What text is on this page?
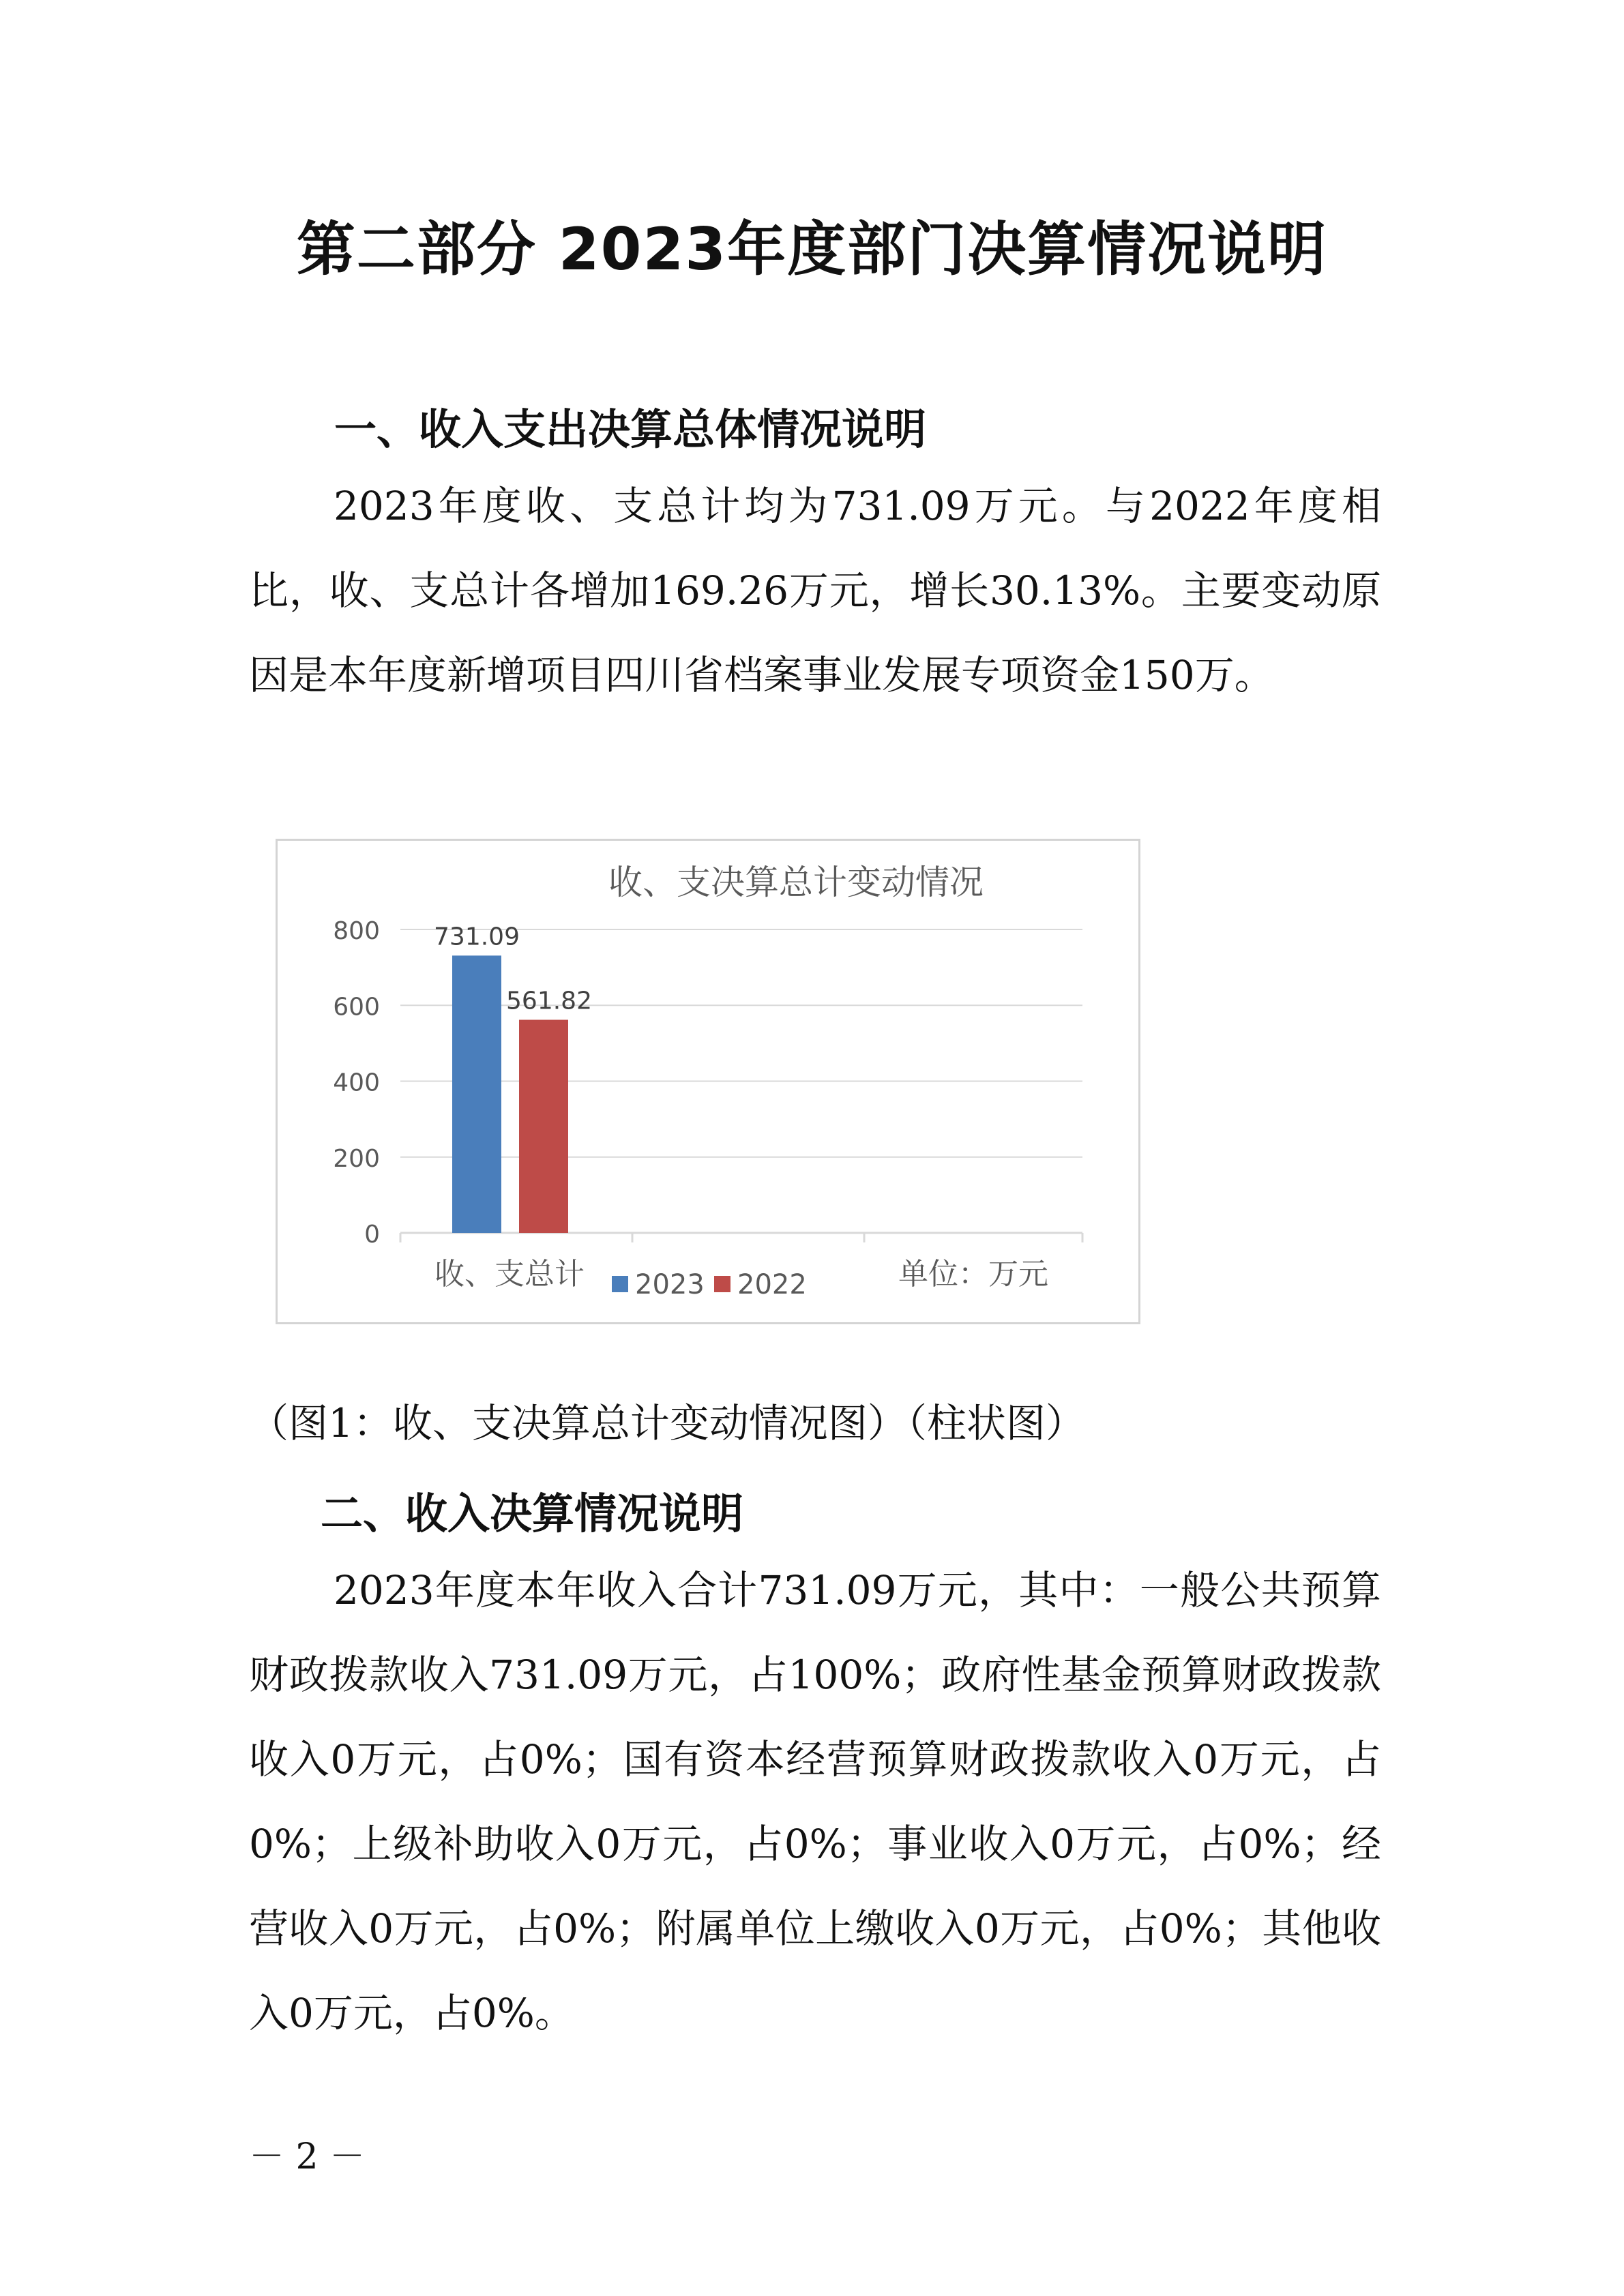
第二部分 2023年度部门决算情况说明
一、收入支出决算总体情况说明

2023年度收、支总计均为731.09万元。与2022年度相比，收、支总计各增加169.26万元，增长30.13%。主要变动原因是本年度新增项目四川省档案事业发展专项资金150万。

收、支决算总计变动情况
0
200
400
600
800 731.09
561.82
收、支总计 2023 2022	单位：万元
（图1：收、支决算总计变动情况图）（柱状图）
二、收入决算情况说明

2023年度本年收入合计731.09万元，其中：一般公共预算财政拨款收入731.09万元，占100%；政府性基金预算财政拨款收入0万元，占0%；国有资本经营预算财政拨款收入0万元，占0%；上级补助收入0万元，占0%；事业收入0万元，占0%；经营收入0万元，占0%；附属单位上缴收入0万元，占0%；其他收入0万元，占0%。

－ 2 －
